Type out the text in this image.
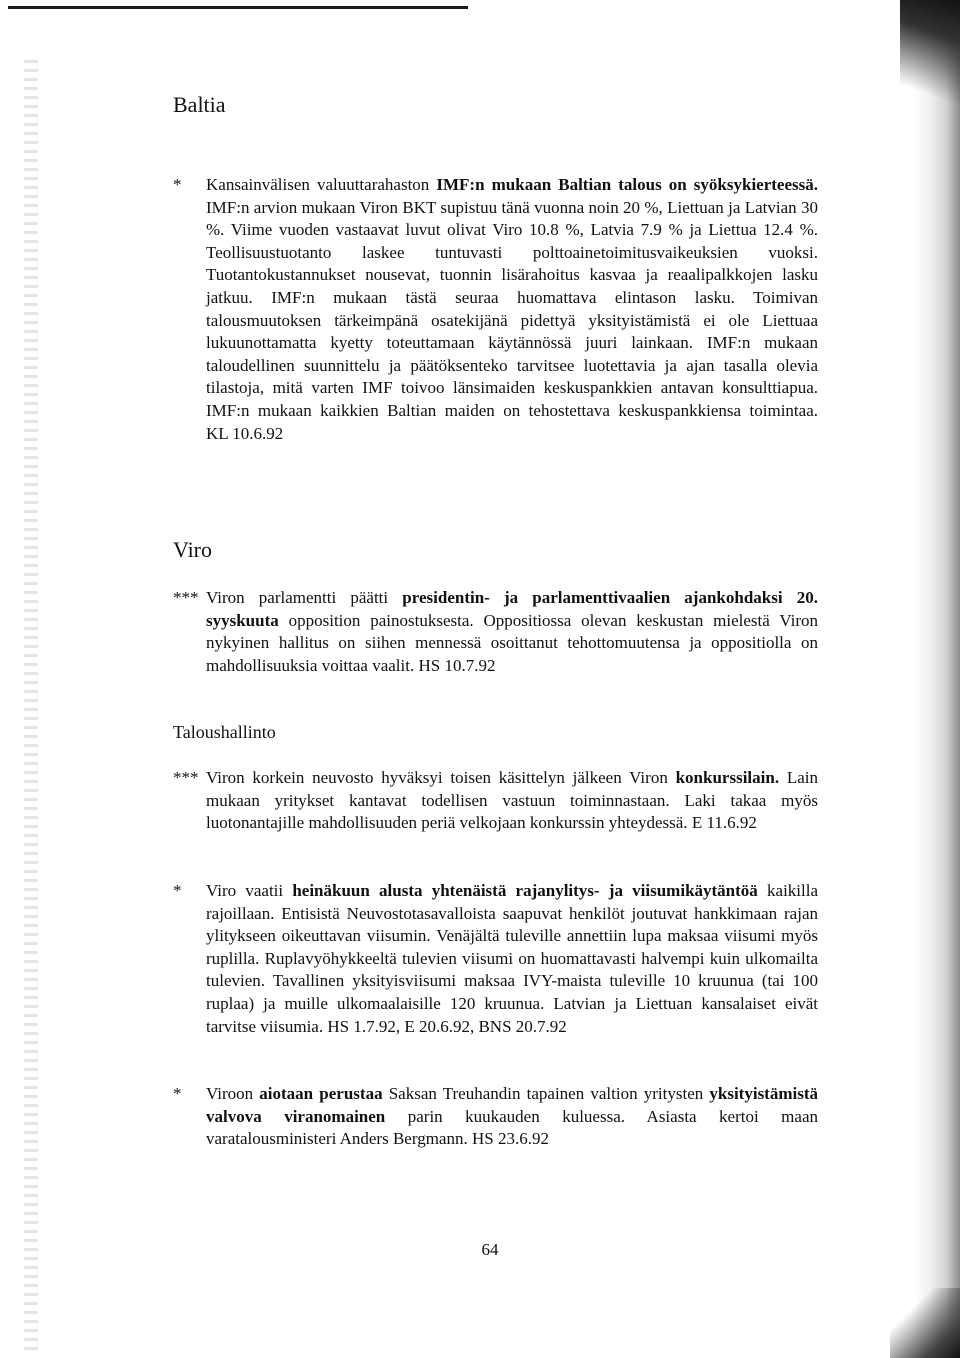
Baltia
*	Kansainvälisen valuuttarahaston IMF:n mukaan Baltian talous on syöksykierteessä. IMF:n arvion mukaan Viron BKT supistuu tänä vuonna noin 20 %, Liettuan ja Latvian 30 %. Viime vuoden vastaavat luvut olivat Viro 10.8 %, Latvia 7.9 % ja Liettua 12.4 %. Teollisuustuotanto laskee tuntuvasti polttoainetoimitusvaikeuksien vuoksi. Tuotantokustannukset nousevat, tuonnin lisärahoitus kasvaa ja reaalipalkkojen lasku jatkuu. IMF:n mukaan tästä seuraa huomattava elintason lasku. Toimivan talousmuutoksen tärkeimpänä osatekijänä pidettyä yksityistämistä ei ole Liettuaa lukuunottamatta kyetty toteuttamaan käytännössä juuri lainkaan. IMF:n mukaan taloudellinen suunnittelu ja päätöksenteko tarvitsee luotettavia ja ajan tasalla olevia tilastoja, mitä varten IMF toivoo länsimaiden keskuspankkien antavan konsulttiapua. IMF:n mukaan kaikkien Baltian maiden on tehostettava keskuspankkiensa toimintaa. KL 10.6.92
Viro
*** Viron parlamentti päätti presidentin- ja parlamenttivaalien ajankohdaksi 20. syyskuuta opposition painostuksesta. Oppositiossa olevan keskustan mielestä Viron nykyinen hallitus on siihen mennessä osoittanut tehottomuutensa ja oppositiolla on mahdollisuuksia voittaa vaalit. HS 10.7.92
Taloushallinto
*** Viron korkein neuvosto hyväksyi toisen käsittelyn jälkeen Viron konkurssilain. Lain mukaan yritykset kantavat todellisen vastuun toiminnastaan. Laki takaa myös luotonantajille mahdollisuuden periä velkojaan konkurssin yhteydessä. E 11.6.92
*	Viro vaatii heinäkuun alusta yhtenäistä rajanylitys- ja viisumikäytäntöä kaikilla rajoillaan. Entisistä Neuvostotasavalloista saapuvat henkilöt joutuvat hankkimaan rajan ylitykseen oikeuttavan viisumin. Venäjältä tuleville annettiin lupa maksaa viisumi myös ruplilla. Ruplavyöhykkeeltä tulevien viisumi on huomattavasti halvempi kuin ulkomailta tulevien. Tavallinen yksityisviisumi maksaa IVY-maista tuleville 10 kruunua (tai 100 ruplaa) ja muille ulkomaalaisille 120 kruunua. Latvian ja Liettuan kansalaiset eivät tarvitse viisumia. HS 1.7.92, E 20.6.92, BNS 20.7.92
*	Viroon aiotaan perustaa Saksan Treuhandin tapainen valtion yritysten yksityistämistä valvova viranomainen parin kuukauden kuluessa. Asiasta kertoi maan varatalousministeri Anders Bergmann. HS 23.6.92
64
